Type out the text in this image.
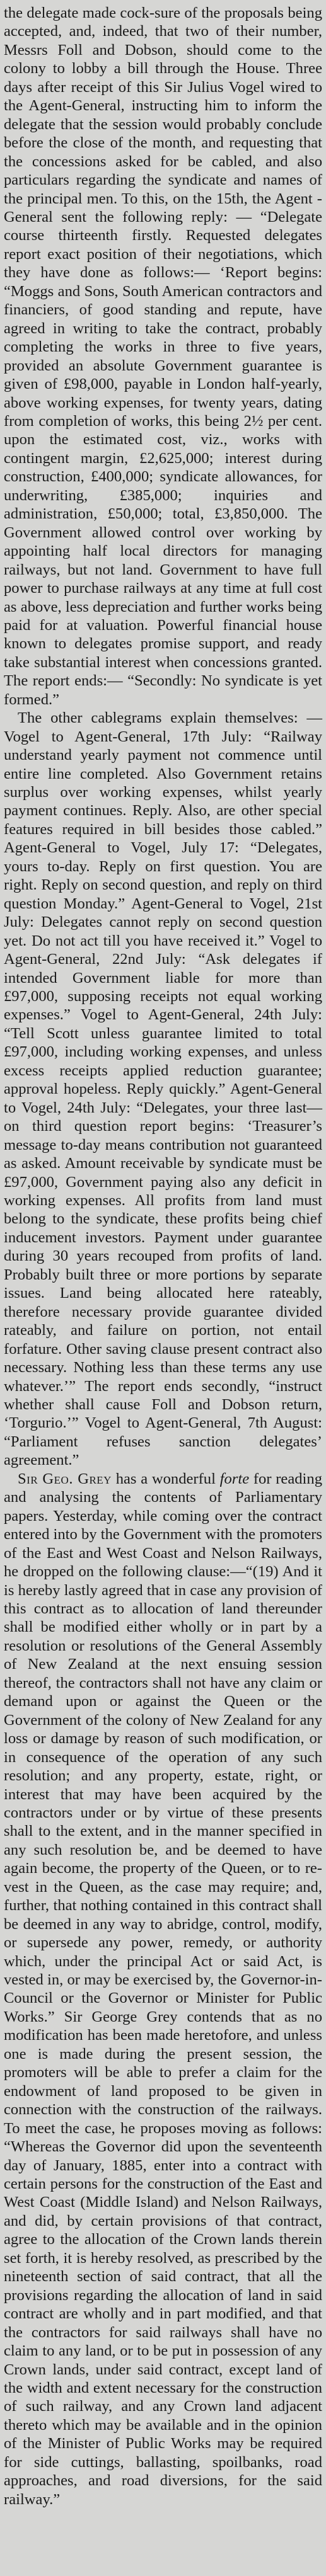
the delegate made cock-sure of the proposals being accepted, and, indeed, that two of their number, Messrs Foll and Dobson, should come to the colony to lobby a bill through the House. Three days after receipt of this Sir Julius Vogel wired to the Agent-General, instructing him to inform the delegate that the session would probably conclude before the close of the month, and requesting that the concessions asked for be cabled, and also particulars regarding the syndicate and names of the principal men. To this, on the 15th, the Agent - General sent the following reply: — “Delegate course thirteenth firstly. Requested delegates report exact position of their negotiations, which they have done as follows:— ‘Report begins: “Moggs and Sons, South American contractors and financiers, of good standing and repute, have agreed in writing to take the contract, probably completing the works in three to five years, provided an absolute Government guarantee is given of £98,000, payable in London half-yearly, above working expenses, for twenty years, dating from completion of works, this being 2½ per cent. upon the estimated cost, viz., works with contingent margin, £2,625,000; interest during construction, £400,000; syndicate allowances, for underwriting, £385,000; inquiries and administration, £50,000; total, £3,850,000. The Government allowed control over working by appointing half local directors for managing railways, but not land. Government to have full power to purchase railways at any time at full cost as above, less depreciation and further works being paid for at valuation. Powerful financial house known to delegates promise support, and ready take substantial interest when concessions granted. The report ends:— “Secondly: No syndicate is yet formed.”

The other cablegrams explain themselves: — Vogel to Agent-General, 17th July: “Railway understand yearly payment not commence until entire line completed. Also Government retains surplus over working expenses, whilst yearly payment continues. Reply. Also, are other special features required in bill besides those cabled.” Agent-General to Vogel, July 17: “Delegates, yours to-day. Reply on first question. You are right. Reply on second question, and reply on third question Monday.” Agent-General to Vogel, 21st July: Delegates cannot reply on second question yet. Do not act till you have received it.” Vogel to Agent-General, 22nd July: “Ask delegates if intended Government liable for more than £97,000, supposing receipts not equal working expenses.” Vogel to Agent-General, 24th July: “Tell Scott unless guarantee limited to total £97,000, including working expenses, and unless excess receipts applied reduction guarantee; approval hopeless. Reply quickly.” Agent-General to Vogel, 24th July: “Delegates, your three last—on third question report begins: ‘Treasurer’s message to-day means contribution not guaranteed as asked. Amount receivable by syndicate must be £97,000, Government paying also any deficit in working expenses. All profits from land must belong to the syndicate, these profits being chief inducement investors. Payment under guarantee during 30 years recouped from profits of land. Probably built three or more portions by separate issues. Land being allocated here rateably, therefore necessary provide guarantee divided rateably, and failure on portion, not entail forfature. Other saving clause present contract also necessary. Nothing less than these terms any use whatever.’” The report ends secondly, “instruct whether shall cause Foll and Dobson return, ‘Torgurio.’” Vogel to Agent-General, 7th August: “Parliament refuses sanction delegates’ agreement.”

Sir Geo. Grey has a wonderful forte for reading and analysing the contents of Parliamentary papers. Yesterday, while coming over the contract entered into by the Government with the promoters of the East and West Coast and Nelson Railways, he dropped on the following clause:—“(19) And it is hereby lastly agreed that in case any provision of this contract as to allocation of land thereunder shall be modified either wholly or in part by a resolution or resolutions of the General Assembly of New Zealand at the next ensuing session thereof, the contractors shall not have any claim or demand upon or against the Queen or the Government of the colony of New Zealand for any loss or damage by reason of such modification, or in consequence of the operation of any such resolution; and any property, estate, right, or interest that may have been acquired by the contractors under or by virtue of these presents shall to the extent, and in the manner specified in any such resolution be, and be deemed to have again become, the property of the Queen, or to re-vest in the Queen, as the case may require; and, further, that nothing contained in this contract shall be deemed in any way to abridge, control, modify, or supersede any power, remedy, or authority which, under the principal Act or said Act, is vested in, or may be exercised by, the Governor-in-Council or the Governor or Minister for Public Works.” Sir George Grey contends that as no modification has been made heretofore, and unless one is made during the present session, the promoters will be able to prefer a claim for the endowment of land proposed to be given in connection with the construction of the railways. To meet the case, he proposes moving as follows: “Whereas the Governor did upon the seventeenth day of January, 1885, enter into a contract with certain persons for the construction of the East and West Coast (Middle Island) and Nelson Railways, and did, by certain provisions of that contract, agree to the allocation of the Crown lands therein set forth, it is hereby resolved, as prescribed by the nineteenth section of said contract, that all the provisions regarding the allocation of land in said contract are wholly and in part modified, and that the contractors for said railways shall have no claim to any land, or to be put in possession of any Crown lands, under said contract, except land of the width and extent necessary for the construction of such railway, and any Crown land adjacent thereto which may be available and in the opinion of the Minister of Public Works may be required for side cuttings, ballasting, spoilbanks, road approaches, and road diversions, for the said railway.”
